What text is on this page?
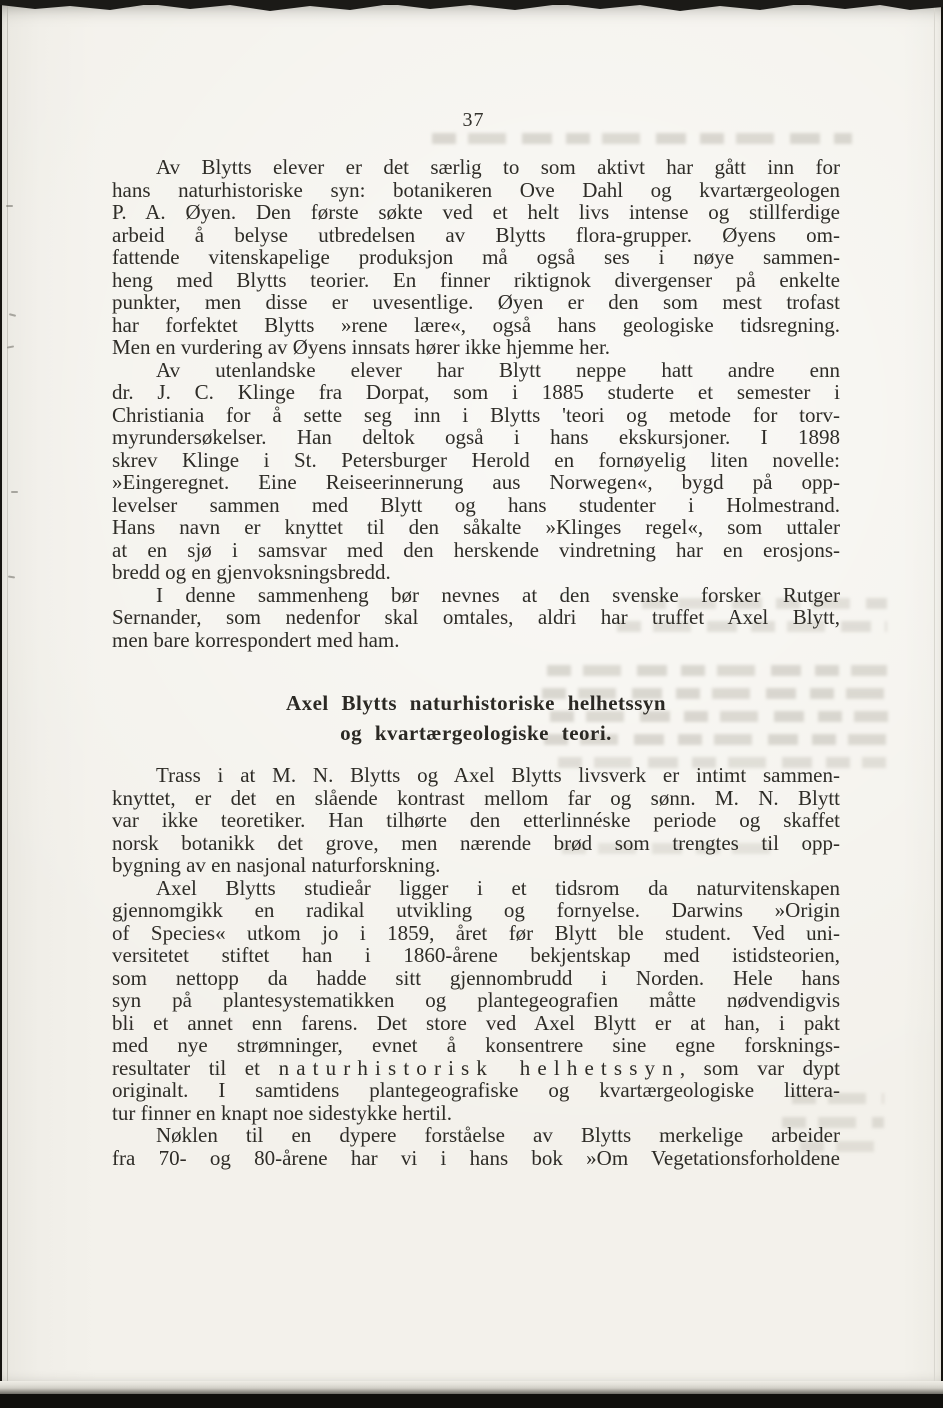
37
Av Blytts elever er det særlig to som aktivt har gått inn for
hans naturhistoriske syn: botanikeren Ove Dahl og kvartærgeologen
P. A. Øyen. Den første søkte ved et helt livs intense og stillferdige
arbeid å belyse utbredelsen av Blytts flora-grupper. Øyens om-
fattende vitenskapelige produksjon må også ses i nøye sammen-
heng med Blytts teorier. En finner riktignok divergenser på enkelte
punkter, men disse er uvesentlige. Øyen er den som mest trofast
har forfektet Blytts »rene lære«, også hans geologiske tidsregning.
Men en vurdering av Øyens innsats hører ikke hjemme her.
Av utenlandske elever har Blytt neppe hatt andre enn
dr. J. C. Klinge fra Dorpat, som i 1885 studerte et semester i
Christiania for å sette seg inn i Blytts 'teori og metode for torv-
myrundersøkelser. Han deltok også i hans ekskursjoner. I 1898
skrev Klinge i St. Petersburger Herold en fornøyelig liten novelle:
»Eingeregnet. Eine Reiseerinnerung aus Norwegen«, bygd på opp-
levelser sammen med Blytt og hans studenter i Holmestrand.
Hans navn er knyttet til den såkalte »Klinges regel«, som uttaler
at en sjø i samsvar med den herskende vindretning har en erosjons-
bredd og en gjenvoksningsbredd.
I denne sammenheng bør nevnes at den svenske forsker Rutger
Sernander, som nedenfor skal omtales, aldri har truffet Axel Blytt,
men bare korrespondert med ham.
Axel Blytts naturhistoriske helhetssyn
og kvartærgeologiske teori.
Trass i at M. N. Blytts og Axel Blytts livsverk er intimt sammen-
knyttet, er det en slående kontrast mellom far og sønn. M. N. Blytt
var ikke teoretiker. Han tilhørte den etterlinnéske periode og skaffet
norsk botanikk det grove, men nærende brød som trengtes til opp-
bygning av en nasjonal naturforskning.
Axel Blytts studieår ligger i et tidsrom da naturvitenskapen
gjennomgikk en radikal utvikling og fornyelse. Darwins »Origin
of Species« utkom jo i 1859, året før Blytt ble student. Ved uni-
versitetet stiftet han i 1860-årene bekjentskap med istidsteorien,
som nettopp da hadde sitt gjennombrudd i Norden. Hele hans
syn på plantesystematikken og plantegeografien måtte nødvendigvis
bli et annet enn farens. Det store ved Axel Blytt er at han, i pakt
med nye strømninger, evnet å konsentrere sine egne forsknings-
resultater til et naturhistorisk helhetssyn, som var dypt
originalt. I samtidens plantegeografiske og kvartærgeologiske littera-
tur finner en knapt noe sidestykke hertil.
Nøklen til en dypere forståelse av Blytts merkelige arbeider
fra 70- og 80-årene har vi i hans bok »Om Vegetationsforholdene
